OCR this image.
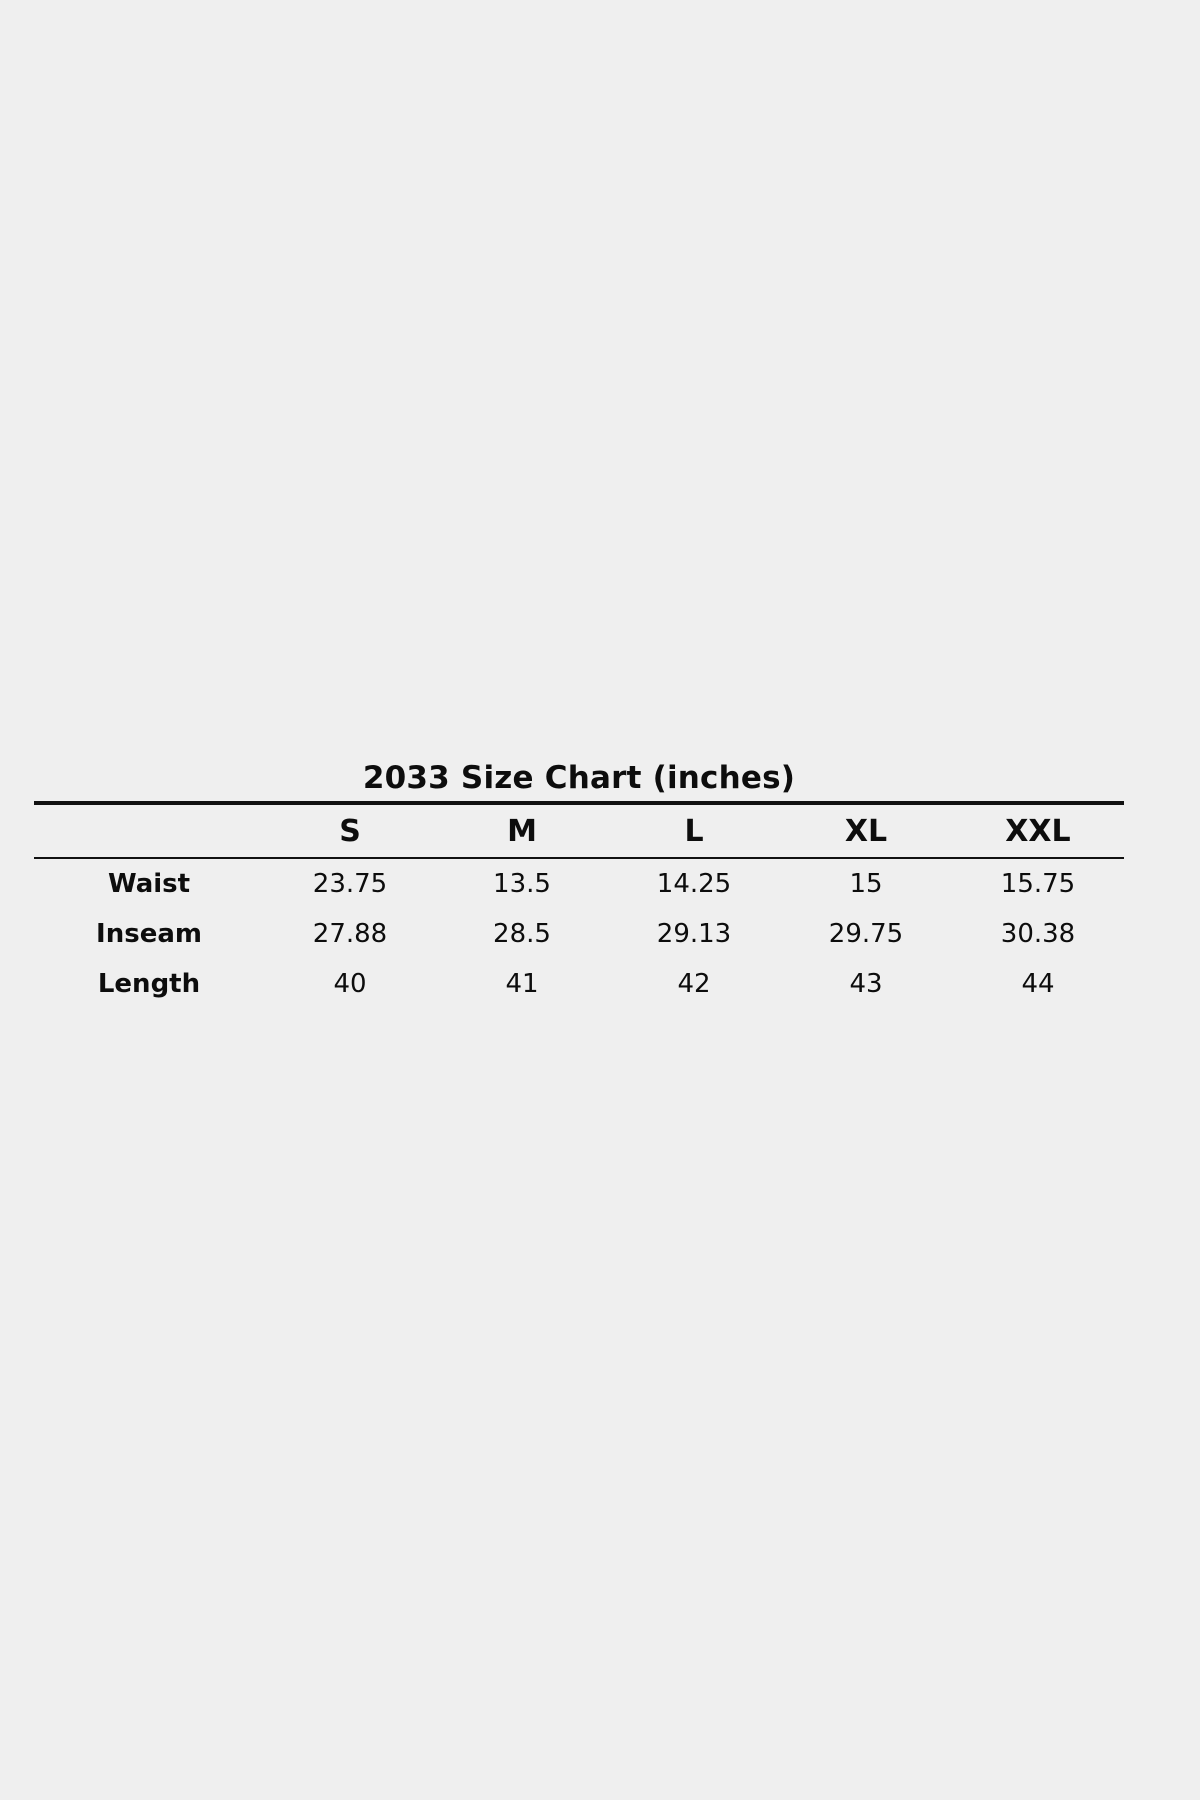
2033 Size Chart (inches)
	S	M	L	XL	XXL
Waist	23.75	13.5	14.25	15	15.75
Inseam	27.88	28.5	29.13	29.75	30.38
Length	40	41	42	43	44
